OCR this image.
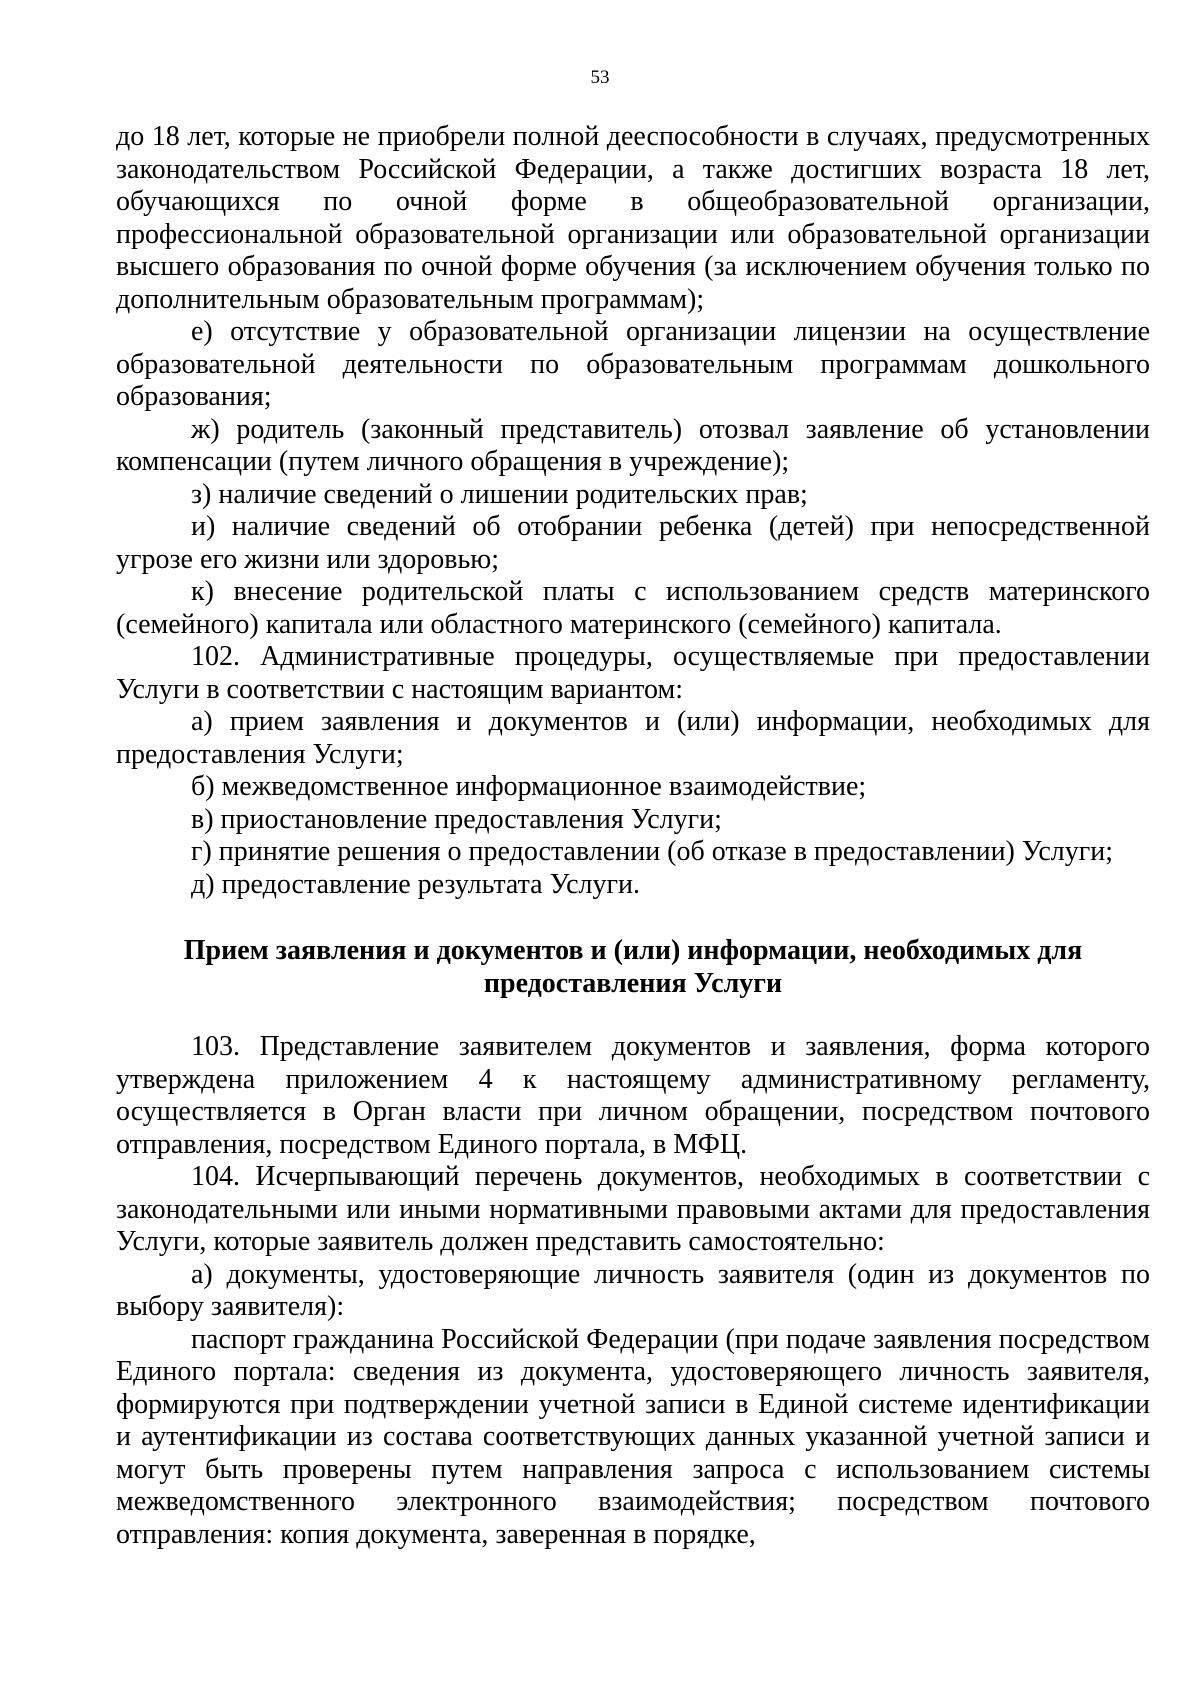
53

до 18 лет, которые не приобрели полной дееспособности в случаях, предусмотренных законодательством Российской Федерации, а также достигших возраста 18 лет, обучающихся по очной форме в общеобразовательной организации, профессиональной образовательной организации или образовательной организации высшего образования по очной форме обучения (за исключением обучения только по дополнительным образовательным программам);

е) отсутствие у образовательной организации лицензии на осуществление образовательной деятельности по образовательным программам дошкольного образования;

ж) родитель (законный представитель) отозвал заявление об установлении компенсации (путем личного обращения в учреждение);

з) наличие сведений о лишении родительских прав;

и) наличие сведений об отобрании ребенка (детей) при непосредственной угрозе его жизни или здоровью;

к) внесение родительской платы с использованием средств материнского (семейного) капитала или областного материнского (семейного) капитала.

102. Административные процедуры, осуществляемые при предоставлении Услуги в соответствии с настоящим вариантом:

а) прием заявления и документов и (или) информации, необходимых для предоставления Услуги;

б) межведомственное информационное взаимодействие;

в) приостановление предоставления Услуги;

г) принятие решения о предоставлении (об отказе в предоставлении) Услуги;

д) предоставление результата Услуги.

Прием заявления и документов и (или) информации, необходимых для предоставления Услуги

103. Представление заявителем документов и заявления, форма которого утверждена приложением 4 к настоящему административному регламенту, осуществляется в Орган власти при личном обращении, посредством почтового отправления, посредством Единого портала, в МФЦ.

104. Исчерпывающий перечень документов, необходимых в соответствии с законодательными или иными нормативными правовыми актами для предоставления Услуги, которые заявитель должен представить самостоятельно:

а) документы, удостоверяющие личность заявителя (один из документов по выбору заявителя):

паспорт гражданина Российской Федерации (при подаче заявления посредством Единого портала: сведения из документа, удостоверяющего личность заявителя, формируются при подтверждении учетной записи в Единой системе идентификации и аутентификации из состава соответствующих данных указанной учетной записи и могут быть проверены путем направления запроса с использованием системы межведомственного электронного взаимодействия; посредством почтового отправления: копия документа, заверенная в порядке,
